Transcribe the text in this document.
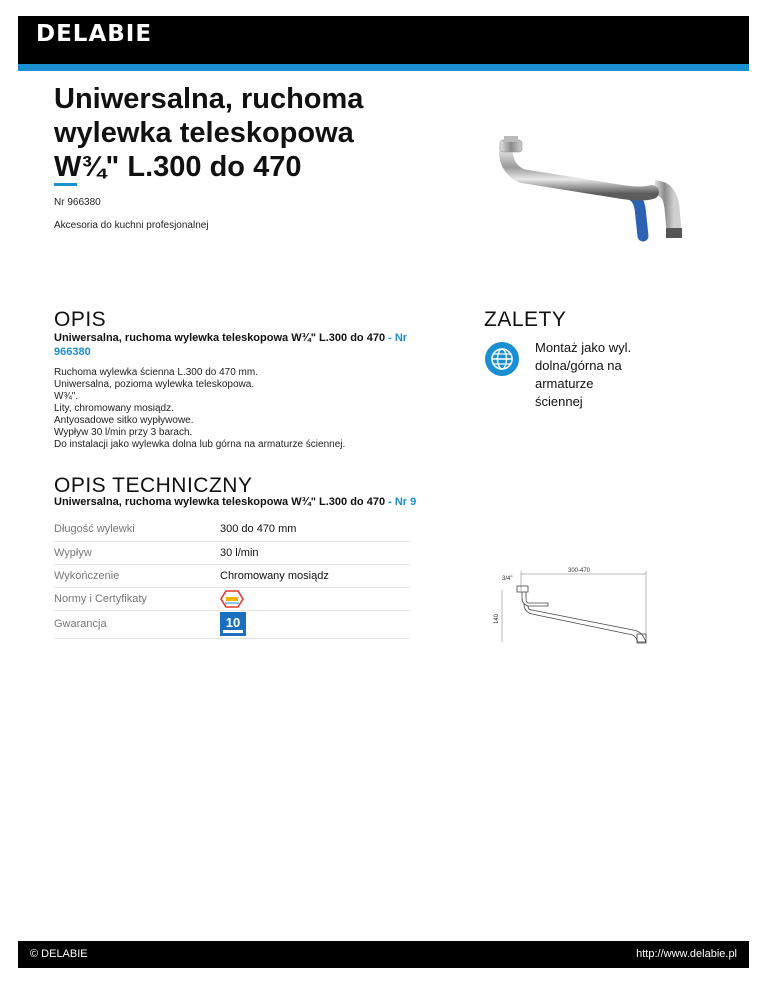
DELABIE
Uniwersalna, ruchoma
wylewka teleskopowa
W¾" L.300 do 470
Nr 966380
Akcesoria do kuchni profesjonalnej
OPIS
Uniwersalna, ruchoma wylewka teleskopowa W¾" L.300 do 470 - Nr 966380
Ruchoma wylewka ścienna L.300 do 470 mm.
Uniwersalna, pozioma wylewka teleskopowa.
W¾".
Lity, chromowany mosiądz.
Antyosadowe sitko wypływowe.
Wypływ 30 l/min przy 3 barach.
Do instalacji jako wylewka dolna lub górna na armaturze ściennej.
ZALETY
Montaż jako wyl.
dolna/górna na armaturze
ściennej
OPIS TECHNICZNY
Uniwersalna, ruchoma wylewka teleskopowa W¾" L.300 do 470 - Nr 9
Długość wylewki	300 do 470 mm
Wypływ	30 l/min
Wykończenie	Chromowany mosiądz
Normy i Certyfikaty	

Gwarancja	10
300-470
3/4"
140
© DELABIE	http://www.delabie.pl
